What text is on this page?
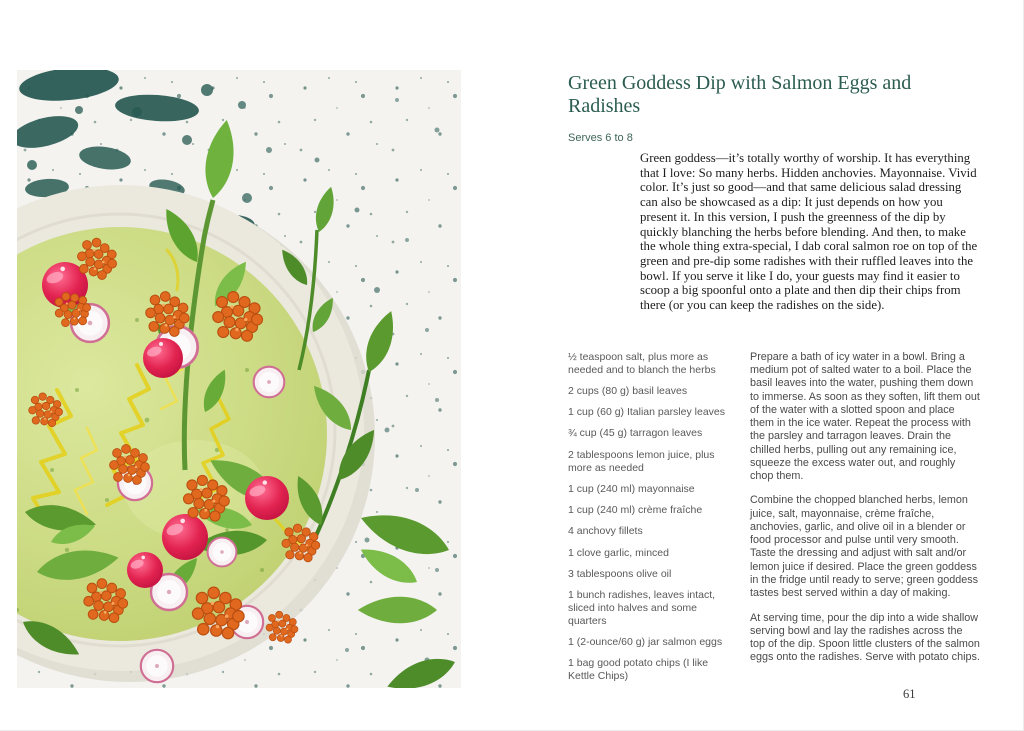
Green Goddess Dip with Salmon Eggs and Radishes
Serves 6 to 8

Green goddess—it’s totally worthy of worship. It has everything that I love: So many herbs. Hidden anchovies. Mayonnaise. Vivid color. It’s just so good—and that same delicious salad dressing can also be showcased as a dip: It just depends on how you present it. In this version, I push the greenness of the dip by quickly blanching the herbs before blending. And then, to make the whole thing extra-special, I dab coral salmon roe on top of the green and pre-dip some radishes with their ruffled leaves into the bowl. If you serve it like I do, your guests may find it easier to scoop a big spoonful onto a plate and then dip their chips from there (or you can keep the radishes on the side).

½ teaspoon salt, plus more as needed and to blanch the herbs
2 cups (80 g) basil leaves
1 cup (60 g) Italian parsley leaves
¾ cup (45 g) tarragon leaves
2 tablespoons lemon juice, plus more as needed
1 cup (240 ml) mayonnaise
1 cup (240 ml) crème fraîche
4 anchovy fillets
1 clove garlic, minced
3 tablespoons olive oil
1 bunch radishes, leaves intact, sliced into halves and some quarters
1 (2-ounce/60 g) jar salmon eggs
1 bag good potato chips (I like Kettle Chips)
Prepare a bath of icy water in a bowl. Bring a medium pot of salted water to a boil. Place the basil leaves into the water, pushing them down to immerse. As soon as they soften, lift them out of the water with a slotted spoon and place them in the ice water. Repeat the process with the parsley and tarragon leaves. Drain the chilled herbs, pulling out any remaining ice, squeeze the excess water out, and roughly chop them.
Combine the chopped blanched herbs, lemon juice, salt, mayonnaise, crème fraîche, anchovies, garlic, and olive oil in a blender or food processor and pulse until very smooth. Taste the dressing and adjust with salt and/or lemon juice if desired. Place the green goddess in the fridge until ready to serve; green goddess tastes best served within a day of making.
At serving time, pour the dip into a wide shallow serving bowl and lay the radishes across the top of the dip. Spoon little clusters of the salmon eggs onto the radishes. Serve with potato chips.
61
